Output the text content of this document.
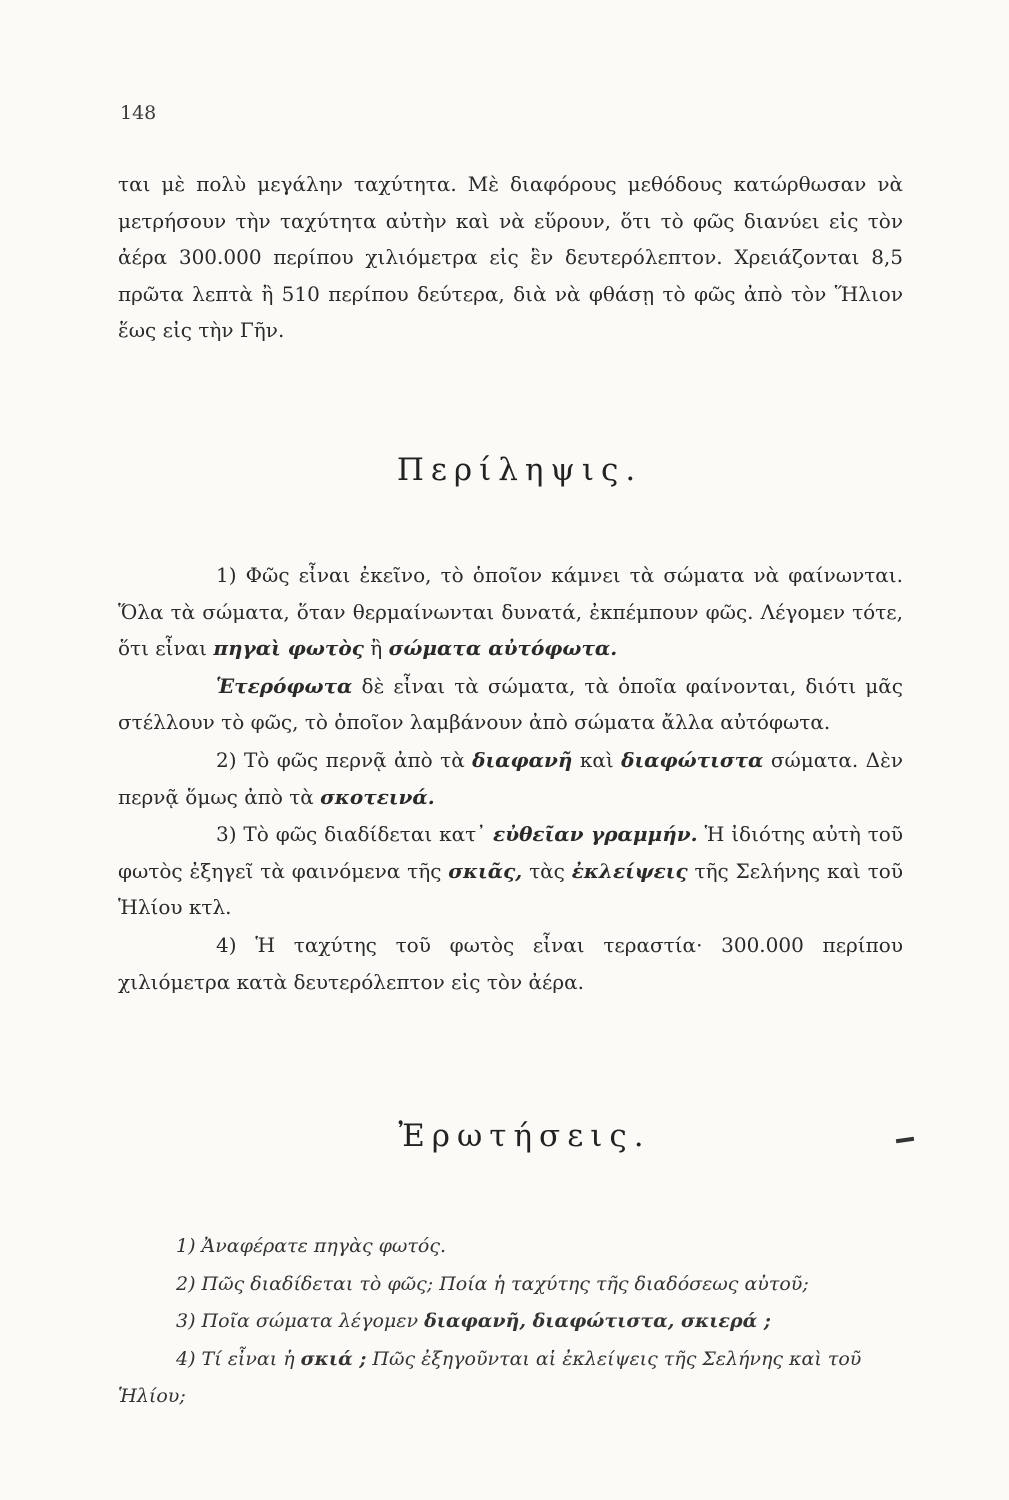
148

ται μὲ πολὺ μεγάλην ταχύτητα. Μὲ διαφόρους μεθόδους κατώρθωσαν νὰ μετρήσουν τὴν ταχύτητα αὐτὴν καὶ νὰ εὕρουν, ὅτι τὸ φῶς διανύει εἰς τὸν ἀέρα 300.000 περίπου χιλιόμετρα εἰς ἓν δευτερόλεπτον. Χρειάζονται 8,5 πρῶτα λεπτὰ ἢ 510 περίπου δεύτερα, διὰ νὰ φθάσῃ τὸ φῶς ἀπὸ τὸν Ἥλιον ἕως εἰς τὴν Γῆν.

Περίληψις.

1) Φῶς εἶναι ἐκεῖνο, τὸ ὁποῖον κάμνει τὰ σώματα νὰ φαίνωνται. Ὅλα τὰ σώματα, ὅταν θερμαίνωνται δυνατά, ἐκπέμπουν φῶς. Λέγομεν τότε, ὅτι εἶναι πηγαὶ φωτὸς ἢ σώματα αὐτόφωτα.

Ἑτερόφωτα δὲ εἶναι τὰ σώματα, τὰ ὁποῖα φαίνονται, διότι μᾶς στέλλουν τὸ φῶς, τὸ ὁποῖον λαμβάνουν ἀπὸ σώματα ἄλλα αὐτόφωτα.

2) Τὸ φῶς περνᾷ ἀπὸ τὰ διαφανῆ καὶ διαφώτιστα σώματα. Δὲν περνᾷ ὅμως ἀπὸ τὰ σκοτεινά.

3) Τὸ φῶς διαδίδεται κατ᾽ εὐθεῖαν γραμμήν. Ἡ ἰδιότης αὐτὴ τοῦ φωτὸς ἐξηγεῖ τὰ φαινόμενα τῆς σκιᾶς, τὰς ἐκλείψεις τῆς Σελήνης καὶ τοῦ Ἡλίου κτλ.

4) Ἡ ταχύτης τοῦ φωτὸς εἶναι τεραστία· 300.000 περίπου χιλιόμετρα κατὰ δευτερόλεπτον εἰς τὸν ἀέρα.

Ἐρωτήσεις.

1) Ἀναφέρατε πηγὰς φωτός.

2) Πῶς διαδίδεται τὸ φῶς; Ποία ἡ ταχύτης τῆς διαδόσεως αὐτοῦ;

3) Ποῖα σώματα λέγομεν διαφανῆ, διαφώτιστα, σκιερά ;

4) Τί εἶναι ἡ σκιά ; Πῶς ἐξηγοῦνται αἱ ἐκλείψεις τῆς Σελήνης καὶ τοῦ Ἡλίου;
